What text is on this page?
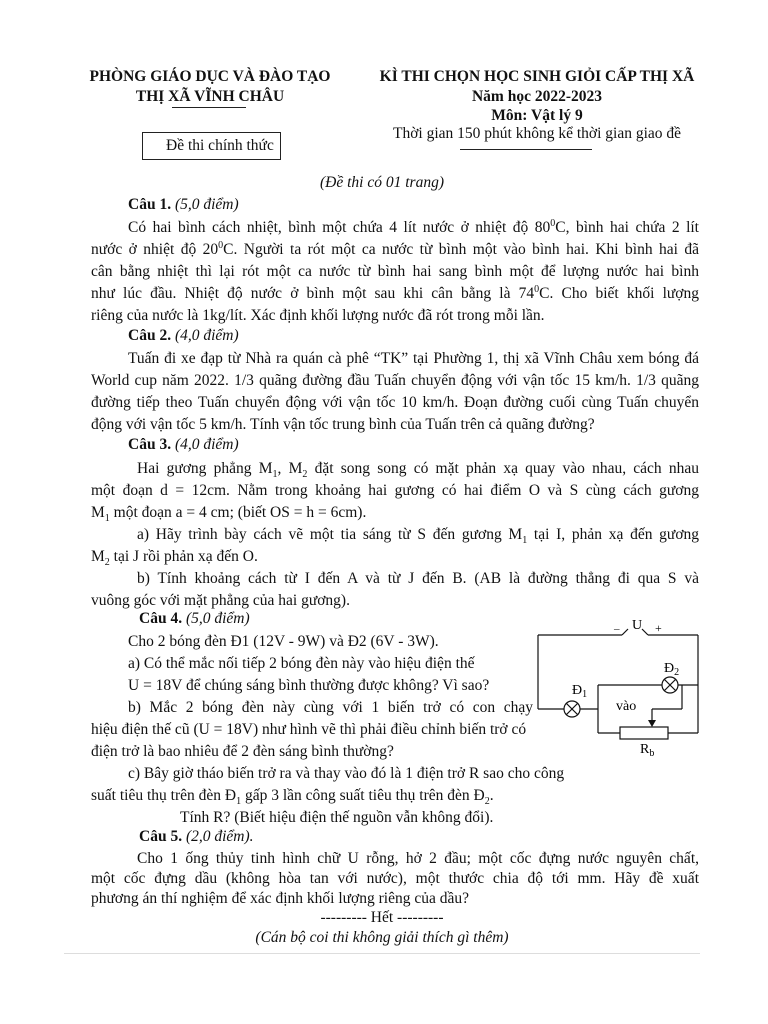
PHÒNG GIÁO DỤC VÀ ĐÀO TẠO
THỊ XÃ VĨNH CHÂU
KÌ THI CHỌN HỌC SINH GIỎI CẤP THỊ XÃ
Năm học 2022-2023
Môn: Vật lý 9
Thời gian 150 phút không kể thời gian giao đề
Đề thi chính thức
(Đề thi có 01 trang)
Câu 1. (5,0 điểm)
Có hai bình cách nhiệt, bình một chứa 4 lít nước ở nhiệt độ $80^0C$, bình hai chứa 2 lít
nước ở nhiệt độ $20^0C$. Người ta rót một ca nước từ bình một vào bình hai. Khi bình hai đã
cân bằng nhiệt thì lại rót một ca nước từ bình hai sang bình một để lượng nước hai bình
như lúc đầu. Nhiệt độ nước ở bình một sau khi cân bằng là $74^0C$. Cho biết khối lượng
riêng của nước là 1kg/lít. Xác định khối lượng nước đã rót trong mỗi lần.
Câu 2. (4,0 điểm)
Tuấn đi xe đạp từ Nhà ra quán cà phê “TK” tại Phường 1, thị xã Vĩnh Châu xem bóng đá
World cup năm 2022. 1/3 quãng đường đầu Tuấn chuyển động với vận tốc 15 km/h. 1/3 quãng
đường tiếp theo Tuấn chuyển động với vận tốc 10 km/h. Đoạn đường cuối cùng Tuấn chuyển
động với vận tốc 5 km/h. Tính vận tốc trung bình của Tuấn trên cả quãng đường?
Câu 3. (4,0 điểm)
Hai gương phẳng $M_1$, $M_2$ đặt song song có mặt phản xạ quay vào nhau, cách nhau
một đoạn d = 12cm. Nằm trong khoảng hai gương có hai điểm O và S cùng cách gương
$M_1$ một đoạn a = 4 cm; (biết OS = h = 6cm).
a) Hãy trình bày cách vẽ một tia sáng từ S đến gương $M_1$ tại I, phản xạ đến gương
$M_2$ tại J rồi phản xạ đến O.
b) Tính khoảng cách từ I đến A và từ J đến B. (AB là đường thẳng đi qua S và
vuông góc với mặt phẳng của hai gương).
Câu 4. (5,0 điểm)
Cho 2 bóng đèn Đ1 (12V - 9W) và Đ2 (6V - 3W).
a) Có thể mắc nối tiếp 2 bóng đèn này vào hiệu điện thế
U = 18V để chúng sáng bình thường được không? Vì sao?
b) Mắc 2 bóng đèn này cùng với 1 biến trở có con chạy
hiệu điện thế cũ (U = 18V) như hình vẽ thì phải điều chỉnh biến trở có
điện trở là bao nhiêu để 2 đèn sáng bình thường?
c) Bây giờ tháo biến trở ra và thay vào đó là 1 điện trở R sao cho công
suất tiêu thụ trên đèn $Đ_1$ gấp 3 lần công suất tiêu thụ trên đèn $Đ_2$.
Tính R? (Biết hiệu điện thế nguồn vẫn không đổi).
U
–	+
$Đ_2$
$Đ_1$
vào
$R_b$
Câu 5. (2,0 điểm).
Cho 1 ống thủy tinh hình chữ U rỗng, hở 2 đầu; một cốc đựng nước nguyên chất,
một cốc đựng dầu (không hòa tan với nước), một thước chia độ tới mm. Hãy đề xuất
phương án thí nghiệm để xác định khối lượng riêng của dầu?
--------- Hết ---------
(Cán bộ coi thi không giải thích gì thêm)
